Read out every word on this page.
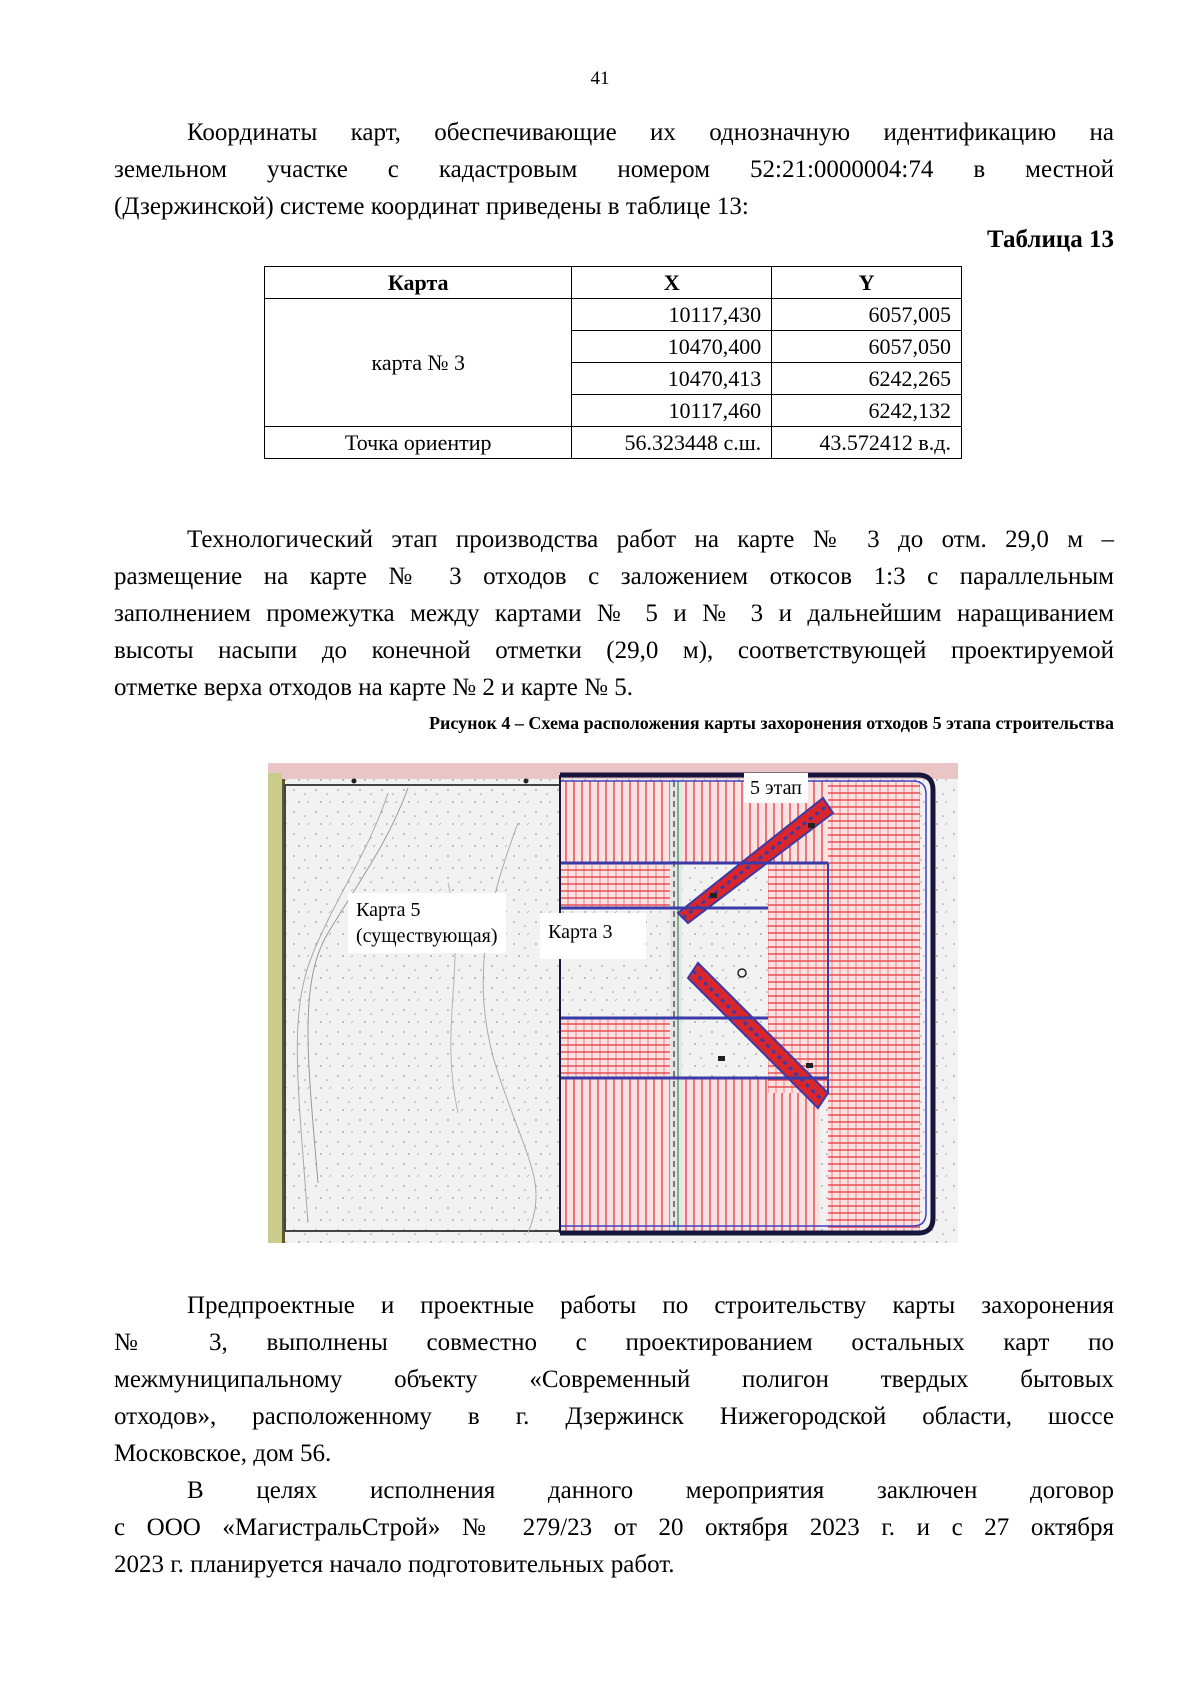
41

Координаты карт, обеспечивающие их однозначную идентификацию на
земельном участке с кадастровым номером 52:21:0000004:74 в местной
(Дзержинской) системе координат приведены в таблице 13:

Таблица 13
Карта	X	Y
карта № 3	10117,430	6057,005
	10470,400	6057,050
	10470,413	6242,265
	10117,460	6242,132
Точка ориентир	56.323448 с.ш.	43.572412 в.д.

Технологический этап производства работ на карте № 3 до отм. 29,0 м –
размещение на карте № 3 отходов с заложением откосов 1:3 с параллельным
заполнением промежутка между картами № 5 и № 3 и дальнейшим наращиванием
высоты насыпи до конечной отметки (29,0 м), соответствующей проектируемой
отметке верха отходов на карте № 2 и карте № 5.

Рисунок 4 – Схема расположения карты захоронения отходов 5 этапа строительства
5 этап
Карта 5
(существующая)	Карта 3

Предпроектные и проектные работы по строительству карты захоронения
№ 3, выполнены совместно с проектированием остальных карт по
межмуниципальному объекту «Современный полигон твердых бытовых
отходов», расположенному в г. Дзержинск Нижегородской области, шоссе
Московское, дом 56.

В целях исполнения данного мероприятия заключен договор
с ООО «МагистральСтрой» № 279/23 от 20 октября 2023 г. и с 27 октября
2023 г. планируется начало подготовительных работ.
